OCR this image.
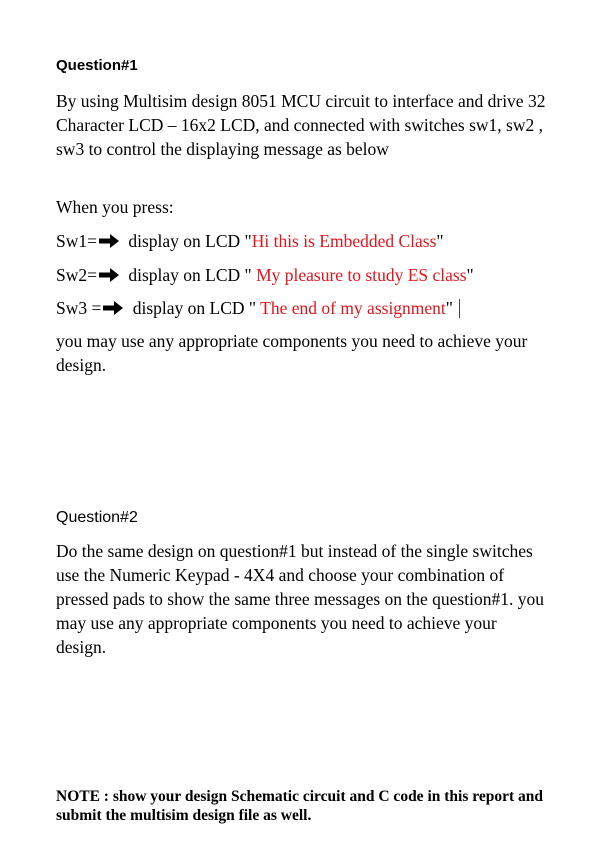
Question#1

By using Multisim design 8051 MCU circuit to interface and drive 32 Character LCD – 16x2 LCD, and connected with switches sw1, sw2 , sw3 to control the displaying message as below

When you press:
Sw1= display on LCD "Hi this is Embedded Class"
Sw2= display on LCD " My pleasure to study ES class"
Sw3 = display on LCD " The end of my assignment"

you may use any appropriate components you need to achieve your design.

Question#2

Do the same design on question#1 but instead of the single switches use the Numeric Keypad - 4X4 and choose your combination of pressed pads to show the same three messages on the question#1. you may use any appropriate components you need to achieve your design.

NOTE : show your design Schematic circuit and C code in this report and submit the multisim design file as well.
